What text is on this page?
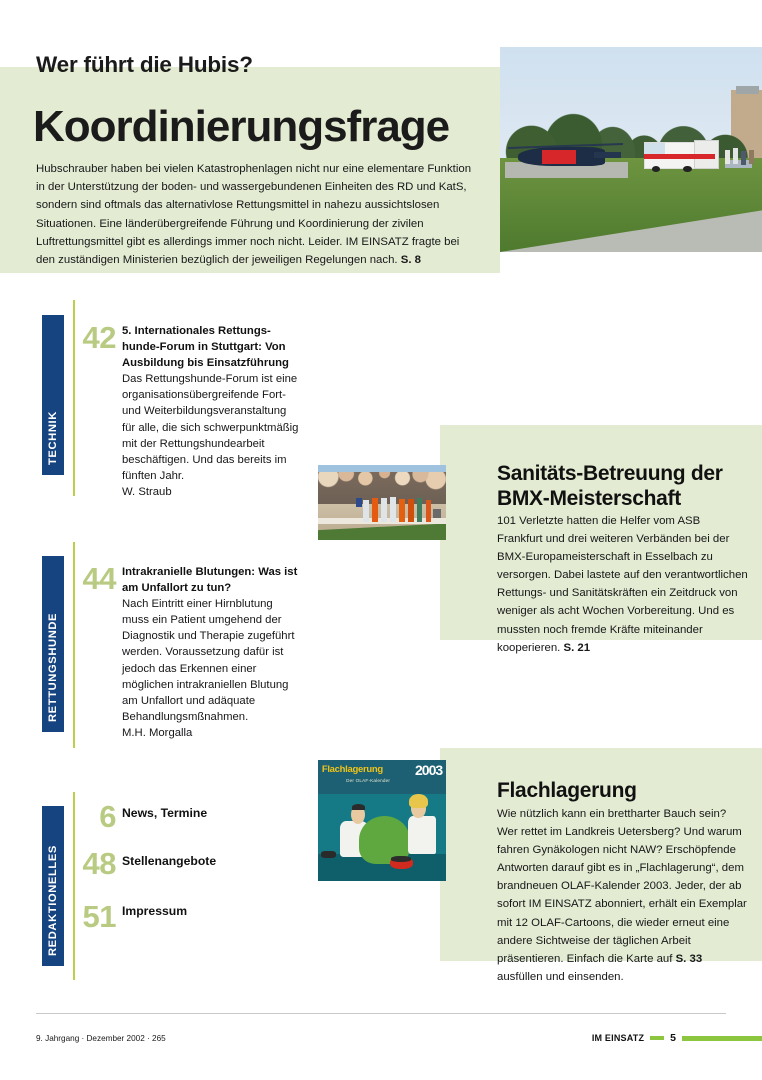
Wer führt die Hubis?
Koordinierungsfrage
Hubschrauber haben bei vielen Katastrophenlagen nicht nur eine elementare Funktion in der Unterstützung der boden- und wassergebundenen Einheiten des RD und KatS, sondern sind oftmals das alternativlose Rettungsmittel in nahezu aussichtslosen Situationen. Eine länderübergreifende Führung und Koordinierung der zivilen Luftrettungsmittel gibt es allerdings immer noch nicht. Leider. IM EINSATZ fragte bei den zuständigen Ministerien bezüglich der jeweiligen Regelungen nach. S. 8
TECHNIK
RETTUNGSHUNDE
REDAKTIONELLES
42 5. Internationales Rettungs-hunde-Forum in Stuttgart: Von Ausbildung bis Einsatzführung
Das Rettungshunde-Forum ist eine organisationsübergreifende Fort- und Weiterbildungsveranstaltung für alle, die sich schwerpunktmäßig mit der Rettungshundearbeit beschäftigen. Und das bereits im fünften Jahr.
W. Straub
44 Intrakranielle Blutungen: Was ist am Unfallort zu tun?
Nach Eintritt einer Hirnblutung muss ein Patient umgehend der Diagnostik und Therapie zugeführt werden. Voraussetzung dafür ist jedoch das Erkennen einer möglichen intrakraniellen Blutung am Unfallort und adäquate Behandlungsmßnahmen.
M.H. Morgalla
6 News, Termine
48 Stellenangebote
51 Impressum
Sanitäts-Betreuung der BMX-Meisterschaft
101 Verletzte hatten die Helfer vom ASB Frankfurt und drei weiteren Verbänden bei der BMX-Europameisterschaft in Esselbach zu versorgen. Dabei lastete auf den verantwortlichen Rettungs- und Sanitätskräften ein Zeitdruck von weniger als acht Wochen Vorbereitung. Und es mussten noch fremde Kräfte miteinander kooperieren. S. 21
Flachlagerung
Der OLAF-Kalender
2003
Flachlagerung
Wie nützlich kann ein brettharter Bauch sein? Wer rettet im Landkreis Uetersberg? Und warum fahren Gynäkologen nicht NAW? Erschöpfende Antworten darauf gibt es in „Flachlagerung“, dem brandneuen OLAF-Kalender 2003. Jeder, der ab sofort IM EINSATZ abonniert, erhält ein Exemplar mit 12 OLAF-Cartoons, die wieder erneut eine andere Sichtweise der täglichen Arbeit präsentieren. Einfach die Karte auf S. 33 ausfüllen und einsenden.
9. Jahrgang · Dezember 2002 · 265	IM EINSATZ 5
